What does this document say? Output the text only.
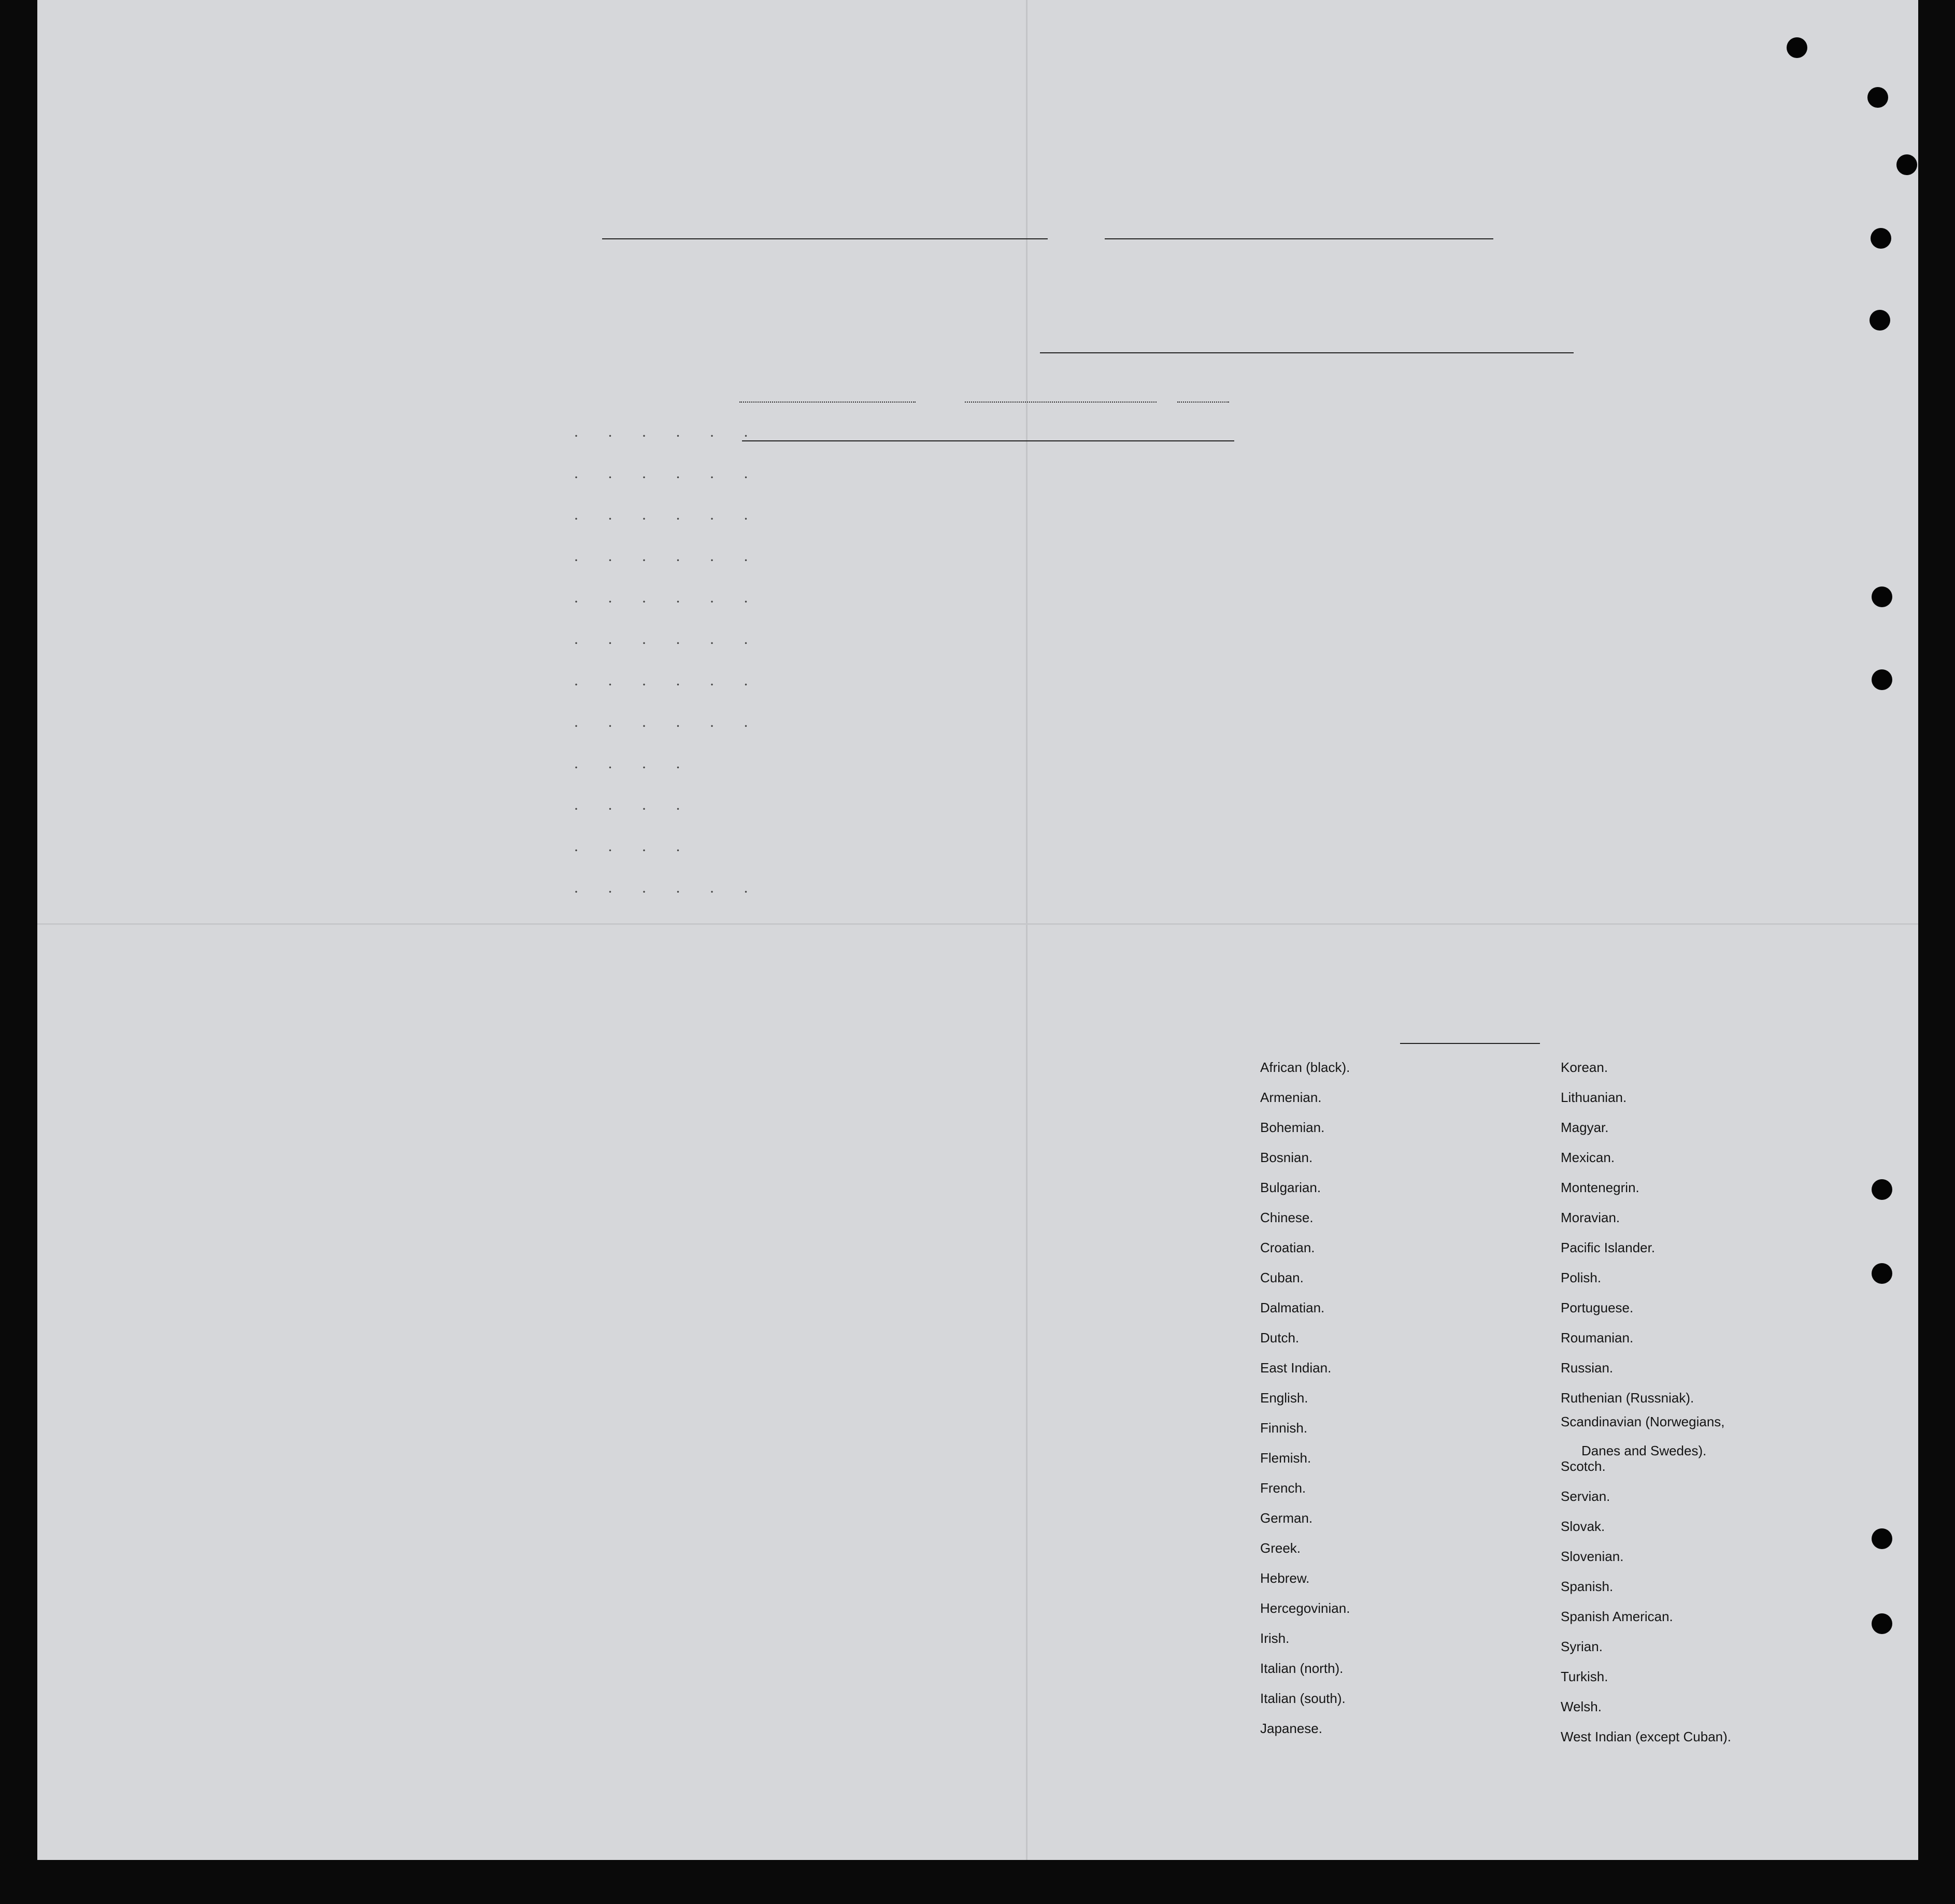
· · · · · ·
· · · · · ·
· · · · · ·
· · · · · ·
· · · · · ·
· · · · · ·
· · · · · ·
· · · · · ·
· · · ·
· · · ·
· · · ·
· · · · · ·
African (black).
Armenian.
Bohemian.
Bosnian.
Bulgarian.
Chinese.
Croatian.
Cuban.
Dalmatian.
Dutch.
East Indian.
English.
Finnish.
Flemish.
French.
German.
Greek.
Hebrew.
Hercegovinian.
Irish.
Italian (north).
Italian (south).
Japanese.
Korean.
Lithuanian.
Magyar.
Mexican.
Montenegrin.
Moravian.
Pacific Islander.
Polish.
Portuguese.
Roumanian.
Russian.
Ruthenian (Russniak).
Scandinavian (Norwegians,
Danes and Swedes).
Scotch.
Servian.
Slovak.
Slovenian.
Spanish.
Spanish American.
Syrian.
Turkish.
Welsh.
West Indian (except Cuban).
